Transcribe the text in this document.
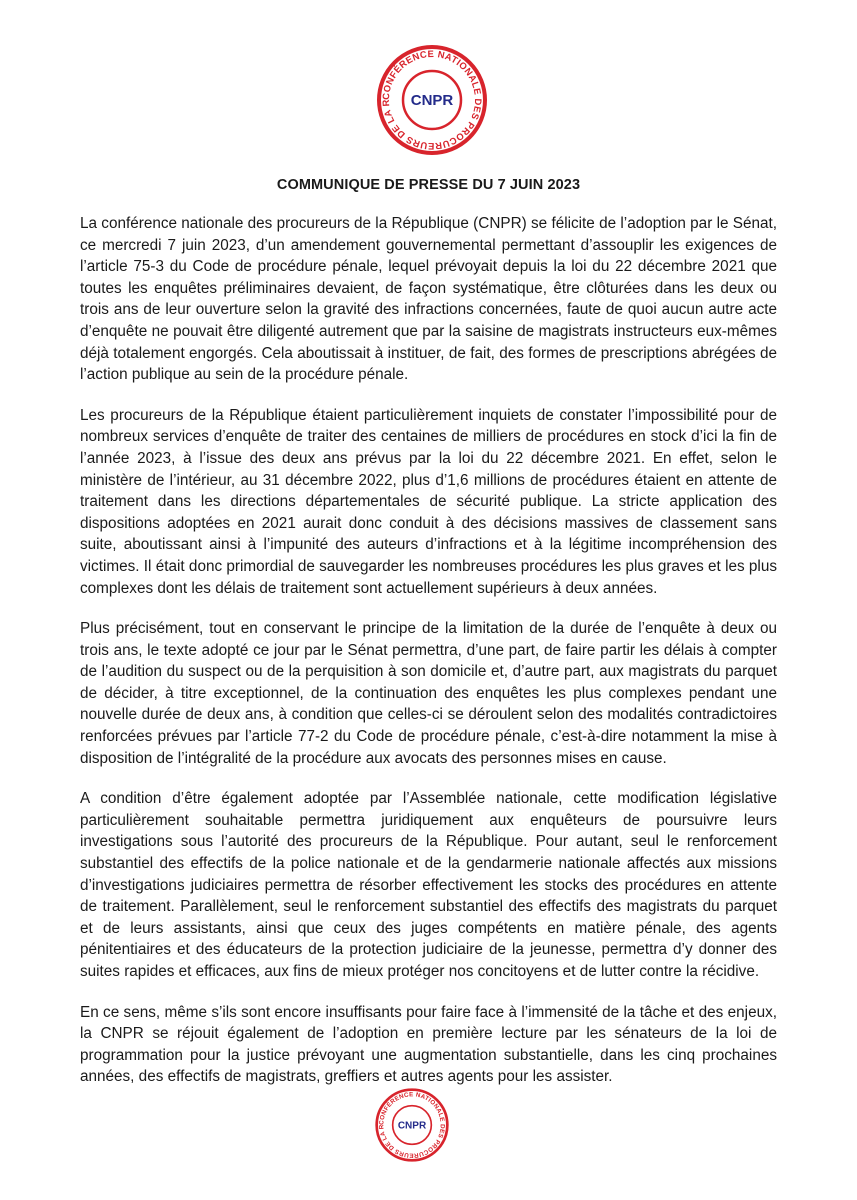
CONFÉRENCE NATIONALE DES PROCUREURS DE LA R	CNPR
COMMUNIQUE DE PRESSE DU 7 JUIN 2023

La conférence nationale des procureurs de la République (CNPR) se félicite de l’adoption par le Sénat, ce mercredi 7 juin 2023, d’un amendement gouvernemental permettant d’assouplir les exigences de l’article 75-3 du Code de procédure pénale, lequel prévoyait depuis la loi du 22 décembre 2021 que toutes les enquêtes préliminaires devaient, de façon systématique, être clôturées dans les deux ou trois ans de leur ouverture selon la gravité des infractions concernées, faute de quoi aucun autre acte d’enquête ne pouvait être diligenté autrement que par la saisine de magistrats instructeurs eux-mêmes déjà totalement engorgés. Cela aboutissait à instituer, de fait, des formes de prescriptions abrégées de l’action publique au sein de la procédure pénale.

Les procureurs de la République étaient particulièrement inquiets de constater l’impossibilité pour de nombreux services d’enquête de traiter des centaines de milliers de procédures en stock d’ici la fin de l’année 2023, à l’issue des deux ans prévus par la loi du 22 décembre 2021. En effet, selon le ministère de l’intérieur, au 31 décembre 2022, plus d’1,6 millions de procédures étaient en attente de traitement dans les directions départementales de sécurité publique. La stricte application des dispositions adoptées en 2021 aurait donc conduit à des décisions massives de classement sans suite, aboutissant ainsi à l’impunité des auteurs d’infractions et à la légitime incompréhension des victimes. Il était donc primordial de sauvegarder les nombreuses procédures les plus graves et les plus complexes dont les délais de traitement sont actuellement supérieurs à deux années.

Plus précisément, tout en conservant le principe de la limitation de la durée de l’enquête à deux ou trois ans, le texte adopté ce jour par le Sénat permettra, d’une part, de faire partir les délais à compter de l’audition du suspect ou de la perquisition à son domicile et, d’autre part, aux magistrats du parquet de décider, à titre exceptionnel, de la continuation des enquêtes les plus complexes pendant une nouvelle durée de deux ans, à condition que celles-ci se déroulent selon des modalités contradictoires renforcées prévues par l’article 77-2 du Code de procédure pénale, c’est-à-dire notamment la mise à disposition de l’intégralité de la procédure aux avocats des personnes mises en cause.

A condition d’être également adoptée par l’Assemblée nationale, cette modification législative particulièrement souhaitable permettra juridiquement aux enquêteurs de poursuivre leurs investigations sous l’autorité des procureurs de la République. Pour autant, seul le renforcement substantiel des effectifs de la police nationale et de la gendarmerie nationale affectés aux missions d’investigations judiciaires permettra de résorber effectivement les stocks des procédures en attente de traitement. Parallèlement, seul le renforcement substantiel des effectifs des magistrats du parquet et de leurs assistants, ainsi que ceux des juges compétents en matière pénale, des agents pénitentiaires et des éducateurs de la protection judiciaire de la jeunesse, permettra d’y donner des suites rapides et efficaces, aux fins de mieux protéger nos concitoyens et de lutter contre la récidive.

En ce sens, même s’ils sont encore insuffisants pour faire face à l’immensité de la tâche et des enjeux, la CNPR se réjouit également de l’adoption en première lecture par les sénateurs de la loi de programmation pour la justice prévoyant une augmentation substantielle, dans les cinq prochaines années, des effectifs de magistrats, greffiers et autres agents pour les assister.

CONFÉRENCE NATIONALE DES PROCUREURS DE LA R CNPR
